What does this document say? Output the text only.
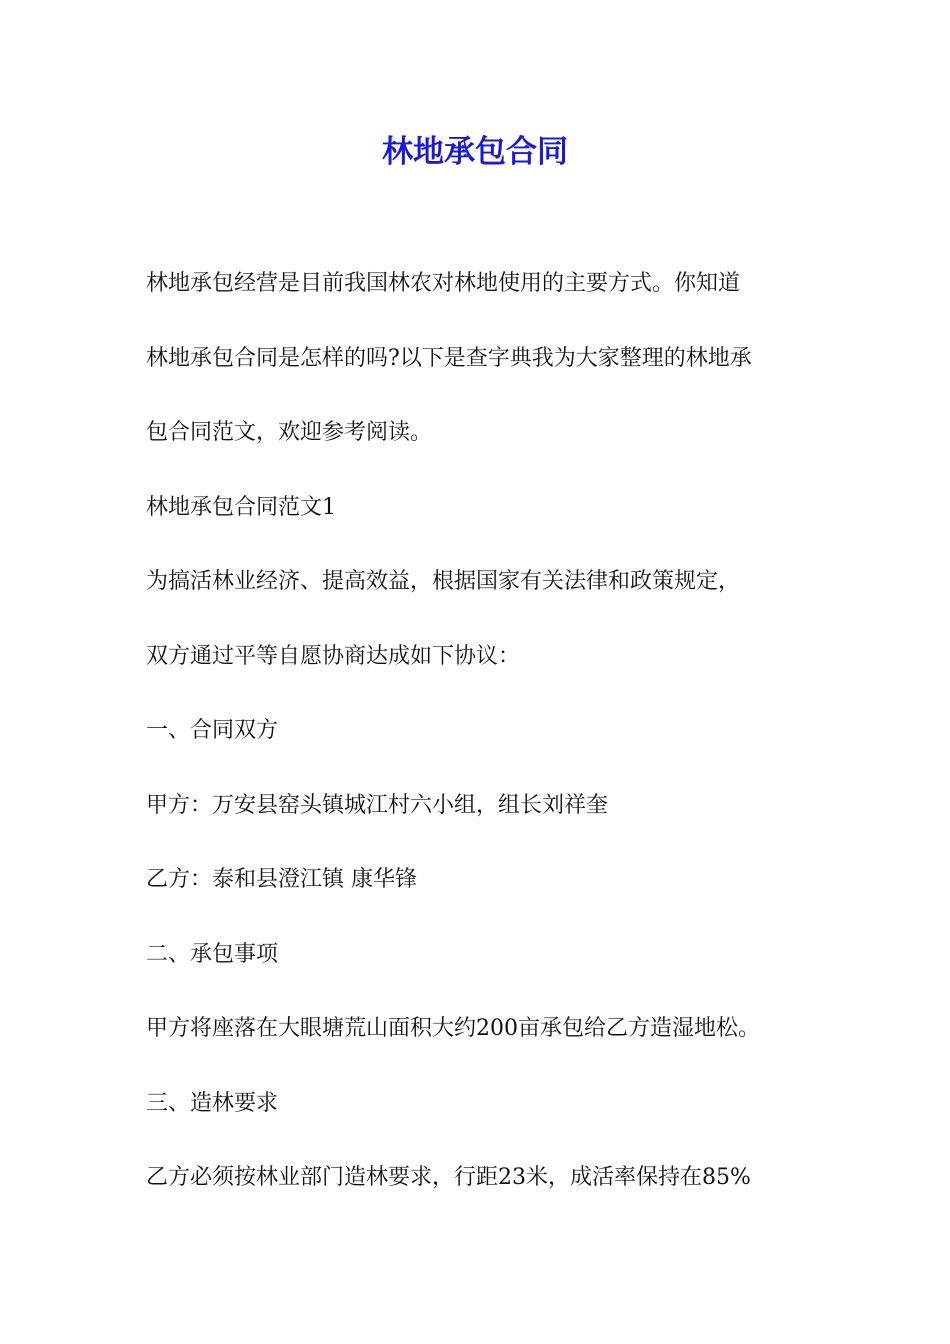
林地承包合同
林地承包经营是目前我国林农对林地使用的主要方式。你知道
林地承包合同是怎样的吗?以下是查字典我为大家整理的林地承
包合同范文，欢迎参考阅读。
林地承包合同范文1
为搞活林业经济、提高效益，根据国家有关法律和政策规定，
双方通过平等自愿协商达成如下协议：
一、合同双方
甲方：万安县窑头镇城江村六小组，组长刘祥奎
乙方：泰和县澄江镇 康华锋
二、承包事项
甲方将座落在大眼塘荒山面积大约200亩承包给乙方造湿地松。
三、造林要求
乙方必须按林业部门造林要求，行距23米，成活率保持在85%
